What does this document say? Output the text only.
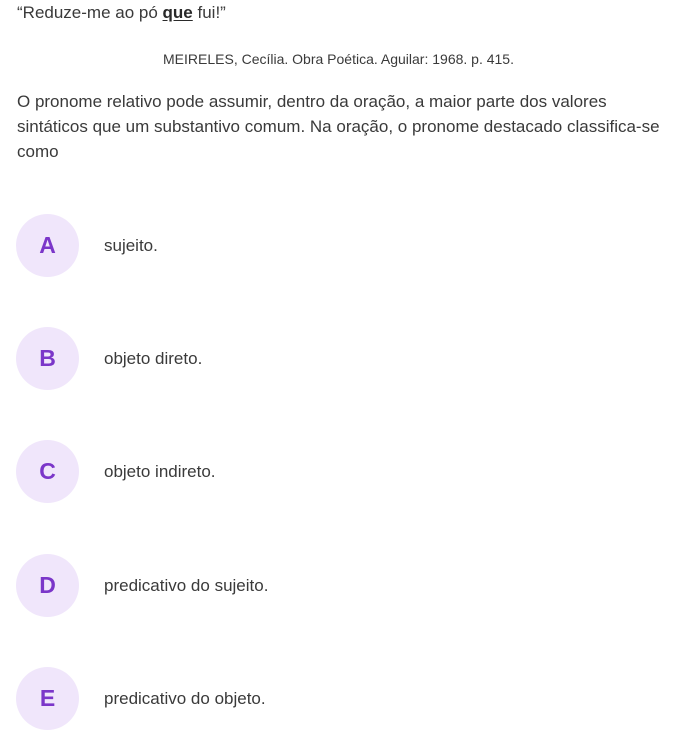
“Reduze-me ao pó que fui!”
MEIRELES, Cecília. Obra Poética. Aguilar: 1968. p. 415.
O pronome relativo pode assumir, dentro da oração, a maior parte dos valores sintáticos que um substantivo comum. Na oração, o pronome destacado classifica-se como
A	sujeito.
B	objeto direto.
C	objeto indireto.
D	predicativo do sujeito.
E	predicativo do objeto.
